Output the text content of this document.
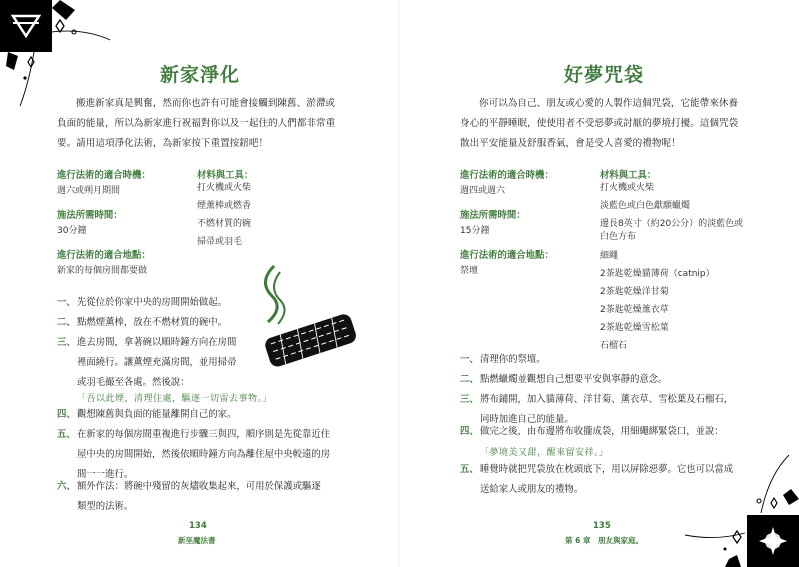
新家淨化
搬進新家真是興奮，然而你也許有可能會接觸到陳舊、淤滯或
負面的能量，所以為新家進行祝福對你以及一起住的人們都非常重
要。請用這項淨化法術，為新家按下重置按鈕吧！
進行法術的適合時機：
週六或朔月期間
施法所需時間：
30分鐘
進行法術的適合地點：
新家的每個房間都要做
材料與工具：
打火機或火柴
煙薰棒或燃香
不燃材質的碗
掃帚或羽毛
一、 先從位於你家中央的房間開始做起。
二、 點燃煙薰棒，放在不燃材質的碗中。
三、 進去房間，拿著碗以順時鐘方向在房間
裡面繞行。讓薰煙充滿房間，並用掃帚
或羽毛撮至各處。然後說：
「吾以此煙，清理住處，驅逐一切雷去事物。」
四、 觀想陳舊與負面的能量離開自己的家。
五、 在新家的每個房間重複進行步驟三與四，順序則是先從靠近住
屋中央的房間開始，然後依順時鐘方向為離住屋中央較遠的房
間一一進行。
六、 額外作法：將碗中殘留的灰燼收集起來，可用於保護或驅逐
類型的法術。
134
新巫魔法書
好夢咒袋
你可以為自己、朋友或心愛的人製作這個咒袋，它能帶來休養
身心的平靜睡眠，使使用者不受惡夢或討厭的夢境打擾。這個咒袋
散出平安能量及舒服香氣，會是受人喜愛的禮物呢！
進行法術的適合時機：
週四或週六
施法所需時間：
15分鐘
進行法術的適合地點：
祭壇
材料與工具：
打火機或火柴
淡藍色或白色獻願蠟燭
邊長8英寸（約20公分）的淡藍色或
白色方布
細繩
2茶匙乾燥貓薄荷（catnip）
2茶匙乾燥洋甘菊
2茶匙乾燥薰衣草
2茶匙乾燥雪松葉
石榴石
一、 清理你的祭壇。
二、 點燃蠟燭並觀想自己想要平安與寧靜的意念。
三、 將布鋪開，加入貓薄荷、洋甘菊、薰衣草、雪松葉及石榴石，
同時加進自己的能量。
四、 做完之後，由布邊將布收攏成袋，用細繩綁緊袋口，並說：
「夢境美又甜，醒來留安祥。」
五、 睡覺時就把咒袋放在枕頭底下，用以屏除惡夢。它也可以當成
送給家人或朋友的禮物。
135
第 6 章　朋友與家庭。
